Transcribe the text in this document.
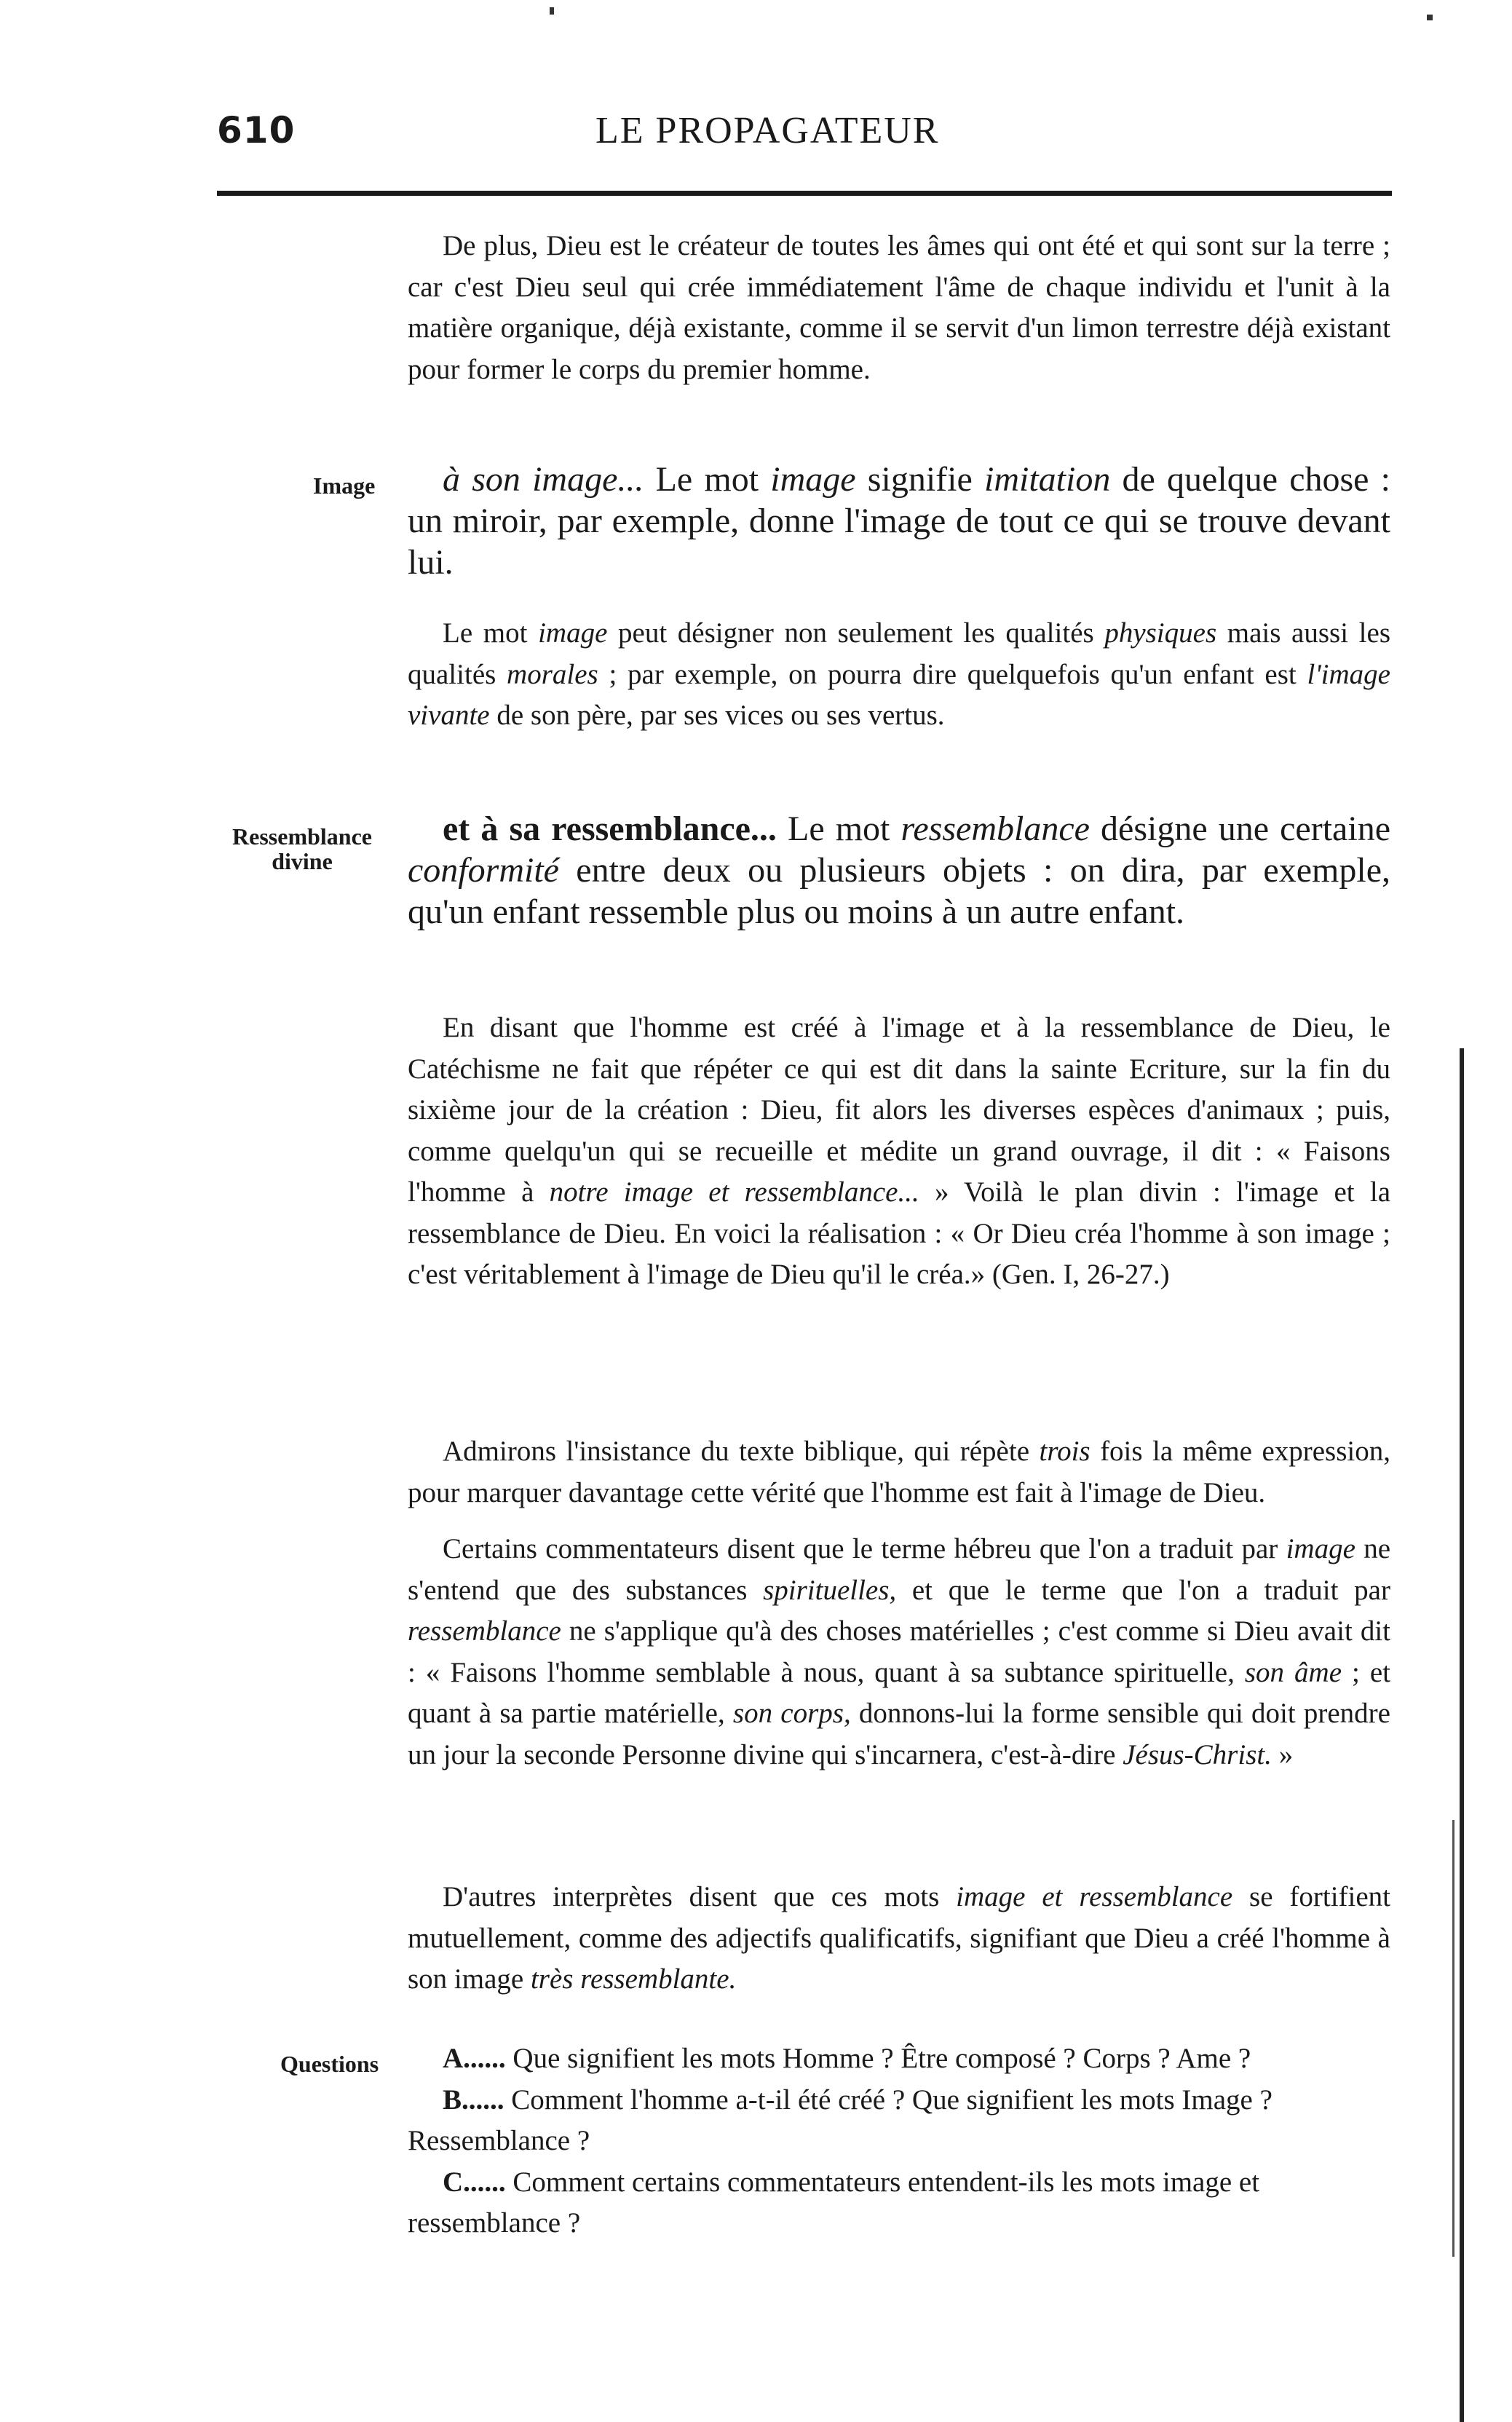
610	LE PROPAGATEUR
De plus, Dieu est le créateur de toutes les âmes qui ont été et qui sont sur la terre ; car c'est Dieu seul qui crée immédiatement l'âme de chaque individu et l'unit à la matière organique, déjà existante, comme il se servit d'un limon terrestre déjà existant pour former le corps du premier homme.
Image	à son image... Le mot image signifie imitation de quelque chose : un miroir, par exemple, donne l'image de tout ce qui se trouve devant lui.
Le mot image peut désigner non seulement les qualités physiques mais aussi les qualités morales ; par exemple, on pourra dire quelquefois qu'un enfant est l'image vivante de son père, par ses vices ou ses vertus.
Ressemblance divine
et à sa ressemblance... Le mot ressemblance désigne une certaine conformité entre deux ou plusieurs objets : on dira, par exemple, qu'un enfant ressemble plus ou moins à un autre enfant.
En disant que l'homme est créé à l'image et à la ressemblance de Dieu, le Catéchisme ne fait que répéter ce qui est dit dans la sainte Ecriture, sur la fin du sixième jour de la création : Dieu, fit alors les diverses espèces d'animaux ; puis, comme quelqu'un qui se recueille et médite un grand ouvrage, il dit : « Faisons l'homme à notre image et ressemblance... » Voilà le plan divin : l'image et la ressemblance de Dieu. En voici la réalisation : « Or Dieu créa l'homme à son image ; c'est véritablement à l'image de Dieu qu'il le créa.» (Gen. I, 26-27.)
Admirons l'insistance du texte biblique, qui répète trois fois la même expression, pour marquer davantage cette vérité que l'homme est fait à l'image de Dieu.
Certains commentateurs disent que le terme hébreu que l'on a traduit par image ne s'entend que des substances spirituelles, et que le terme que l'on a traduit par ressemblance ne s'applique qu'à des choses matérielles ; c'est comme si Dieu avait dit : « Faisons l'homme semblable à nous, quant à sa subtance spirituelle, son âme ; et quant à sa partie matérielle, son corps, donnons-lui la forme sensible qui doit prendre un jour la seconde Personne divine qui s'incarnera, c'est-à-dire Jésus-Christ. »
D'autres interprètes disent que ces mots image et ressemblance se fortifient mutuellement, comme des adjectifs qualificatifs, signifiant que Dieu a créé l'homme à son image très ressemblante.
Questions	A...... Que signifient les mots Homme ? Être composé ? Corps ? Ame ?
B...... Comment l'homme a-t-il été créé ? Que signifient les mots Image ? Ressemblance ?
C...... Comment certains commentateurs entendent-ils les mots image et ressemblance ?
